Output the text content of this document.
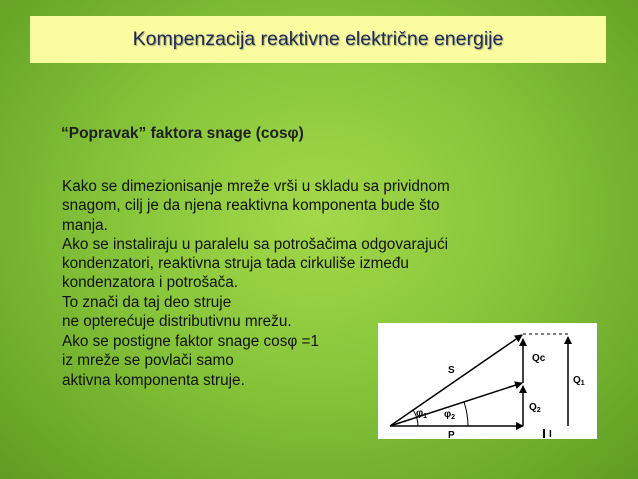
Kompenzacija reaktivne električne energije
“Popravak” faktora snage (cosφ)

Kako se dimezionisanje mreže vrši u skladu sa prividnom
snagom, cilj je da njena reaktivna komponenta bude što
manja.

Ako se instaliraju u paralelu sa potrošačima odgovarajući
kondenzatori, reaktivna struja tada cirkuliše između
kondenzatora i potrošača.

To znači da taj deo struje
ne opterećuje distributivnu mrežu.
Ako se postigne faktor snage cosφ =1
iz mreže se povlači samo
aktivna komponenta struje.

S
P
Qc
$Q_1$
$Q_2$
$\varphi_1$ $\varphi_2$
I
